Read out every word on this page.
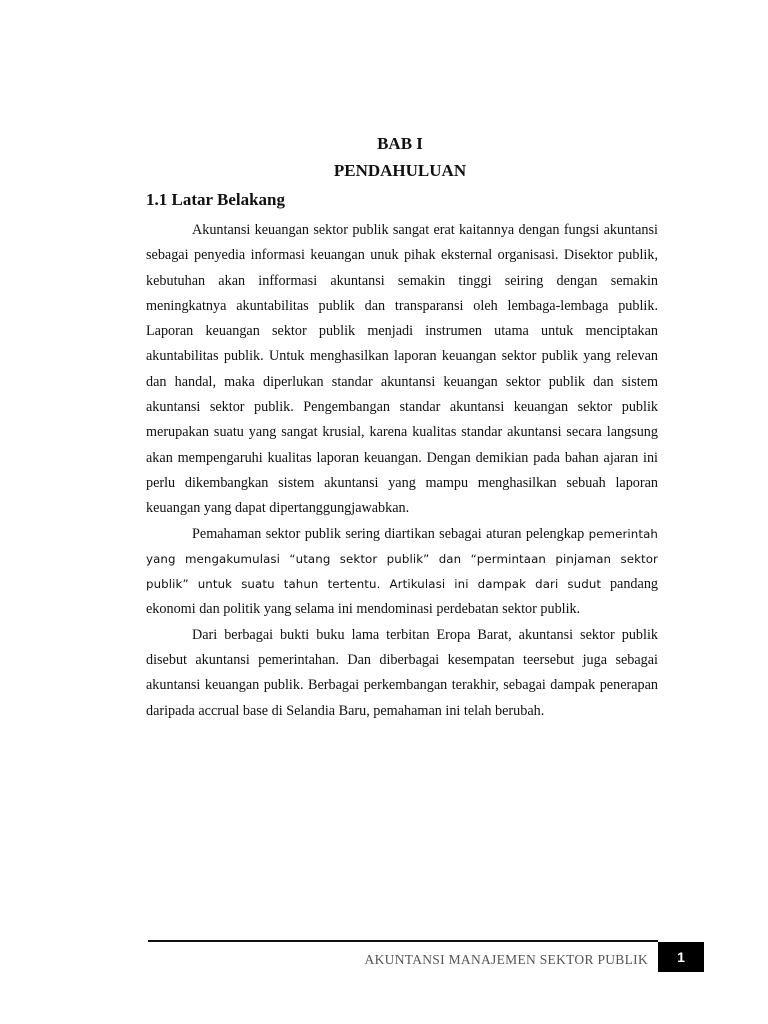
BAB I
PENDAHULUAN
1.1 Latar Belakang

Akuntansi keuangan sektor publik sangat erat kaitannya dengan fungsi akuntansi sebagai penyedia informasi keuangan unuk pihak eksternal organisasi. Disektor publik, kebutuhan akan infformasi akuntansi semakin tinggi seiring dengan semakin meningkatnya akuntabilitas publik dan transparansi oleh lembaga-lembaga publik. Laporan keuangan sektor publik menjadi instrumen utama untuk menciptakan akuntabilitas publik. Untuk menghasilkan laporan keuangan sektor publik yang relevan dan handal, maka diperlukan standar akuntansi keuangan sektor publik dan sistem akuntansi sektor publik. Pengembangan standar akuntansi keuangan sektor publik merupakan suatu yang sangat krusial, karena kualitas standar akuntansi secara langsung akan mempengaruhi kualitas laporan keuangan. Dengan demikian pada bahan ajaran ini perlu dikembangkan sistem akuntansi yang mampu menghasilkan sebuah laporan keuangan yang dapat dipertanggungjawabkan.

Pemahaman sektor publik sering diartikan sebagai aturan pelengkap pemerintah yang mengakumulasi “utang sektor publik” dan “permintaan pinjaman sektor publik” untuk suatu tahun tertentu. Artikulasi ini dampak dari sudut pandang ekonomi dan politik yang selama ini mendominasi perdebatan sektor publik.

Dari berbagai bukti buku lama terbitan Eropa Barat, akuntansi sektor publik disebut akuntansi pemerintahan. Dan diberbagai kesempatan teersebut juga sebagai akuntansi keuangan publik. Berbagai perkembangan terakhir, sebagai dampak penerapan daripada accrual base di Selandia Baru, pemahaman ini telah berubah.

AKUNTANSI MANAJEMEN SEKTOR PUBLIK	1
